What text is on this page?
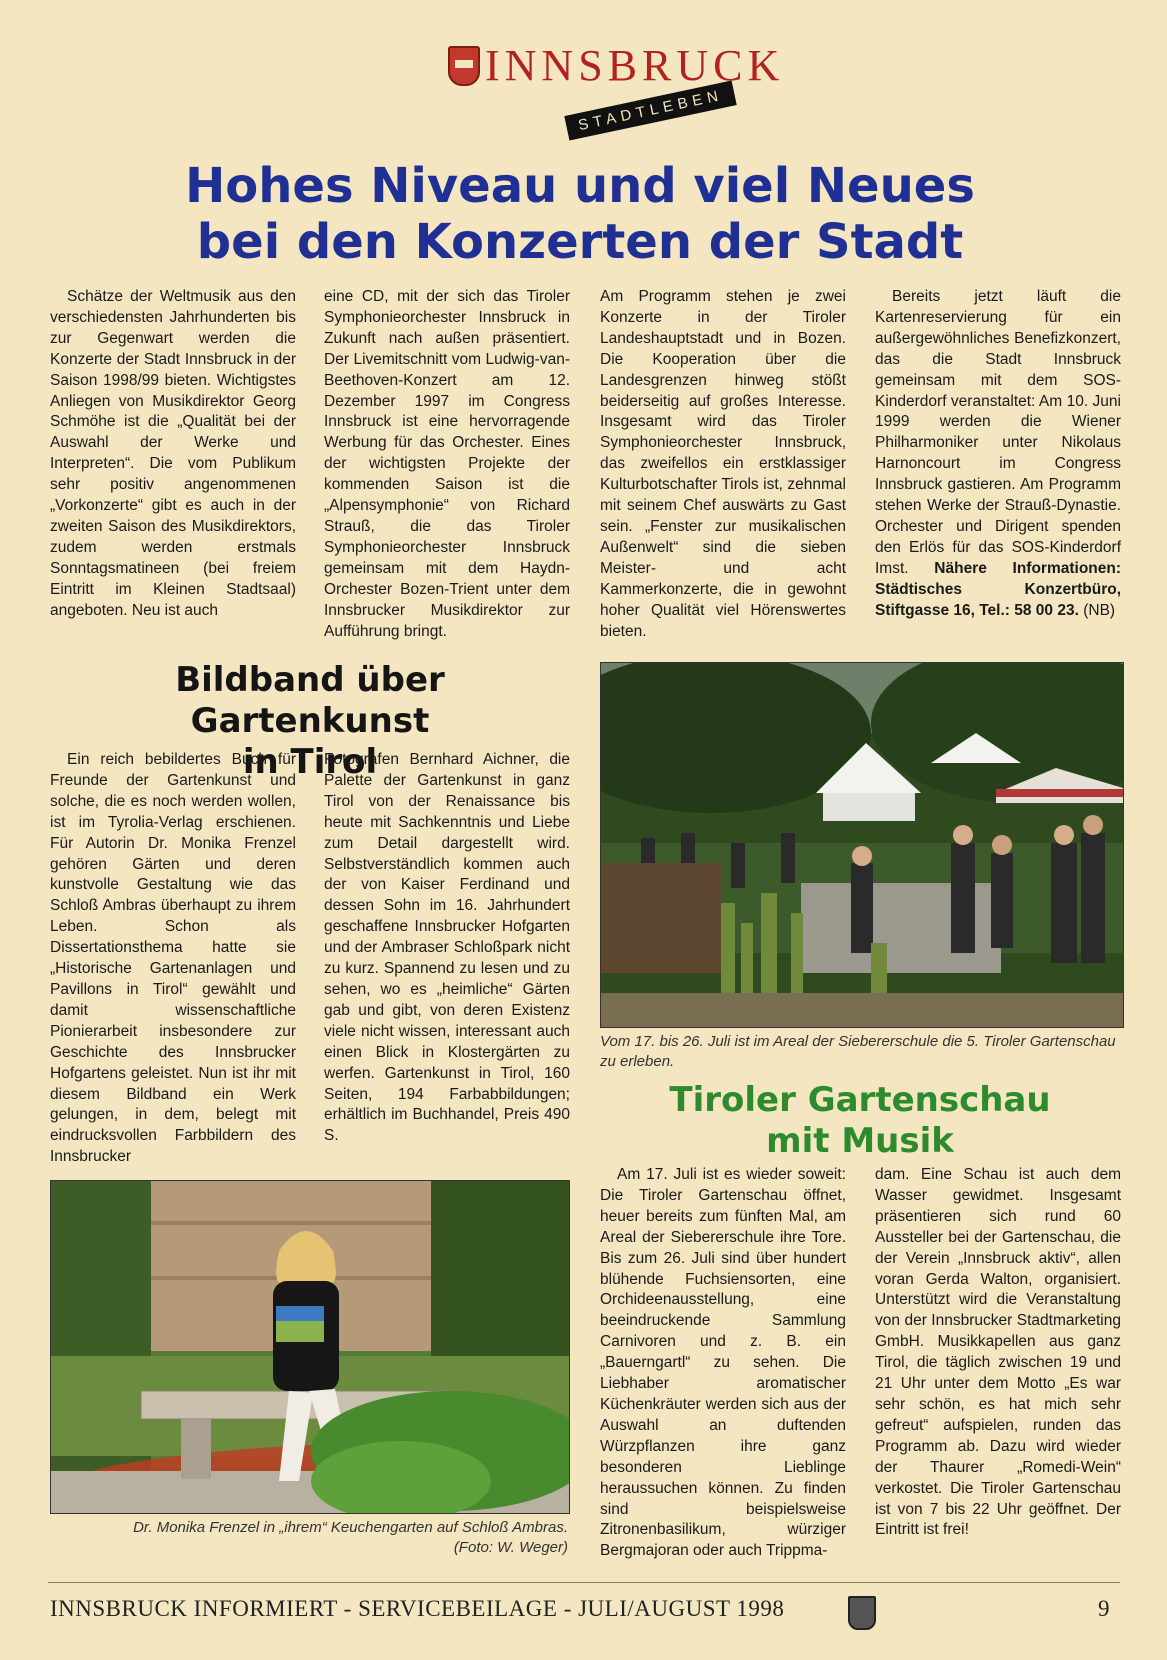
INNSBRUCK
STADTLEBEN
Hohes Niveau und viel Neues
bei den Konzerten der Stadt

Schätze der Weltmusik aus den verschiedensten Jahrhunderten bis zur Gegenwart werden die Konzerte der Stadt Innsbruck in der Saison 1998/99 bieten. Wichtigstes Anliegen von Musikdirektor Georg Schmöhe ist die „Qualität bei der Auswahl der Werke und Interpreten“. Die vom Publikum sehr positiv angenommenen „Vorkonzerte“ gibt es auch in der zweiten Saison des Musikdirektors, zudem werden erstmals Sonntagsmatineen (bei freiem Eintritt im Kleinen Stadtsaal) angeboten. Neu ist auch

eine CD, mit der sich das Tiroler Symphonieorchester Innsbruck in Zukunft nach außen präsentiert. Der Livemitschnitt vom Ludwig-van-Beethoven-Konzert am 12. Dezember 1997 im Congress Innsbruck ist eine hervorragende Werbung für das Orchester. Eines der wichtigsten Projekte der kommenden Saison ist die „Alpensymphonie“ von Richard Strauß, die das Tiroler Symphonieorchester Innsbruck gemeinsam mit dem Haydn-Orchester Bozen-Trient unter dem Innsbrucker Musikdirektor zur Aufführung bringt.

Am Programm stehen je zwei Konzerte in der Tiroler Landeshauptstadt und in Bozen. Die Kooperation über die Landesgrenzen hinweg stößt beiderseitig auf großes Interesse. Insgesamt wird das Tiroler Symphonieorchester Innsbruck, das zweifellos ein erstklassiger Kulturbotschafter Tirols ist, zehnmal mit seinem Chef auswärts zu Gast sein. „Fenster zur musikalischen Außenwelt“ sind die sieben Meister- und acht Kammerkonzerte, die in gewohnt hoher Qualität viel Hörenswertes bieten.

Bereits jetzt läuft die Kartenreservierung für ein außergewöhnliches Benefizkonzert, das die Stadt Innsbruck gemeinsam mit dem SOS-Kinderdorf veranstaltet: Am 10. Juni 1999 werden die Wiener Philharmoniker unter Nikolaus Harnoncourt im Congress Innsbruck gastieren. Am Programm stehen Werke der Strauß-Dynastie. Orchester und Dirigent spenden den Erlös für das SOS-Kinderdorf Imst. Nähere Informationen: Städtisches Konzertbüro, Stiftgasse 16, Tel.: 58 00 23. (NB)

Bildband über Gartenkunst
in Tirol

Ein reich bebildertes Buch für Freunde der Gartenkunst und solche, die es noch werden wollen, ist im Tyrolia-Verlag erschienen. Für Autorin Dr. Monika Frenzel gehören Gärten und deren kunstvolle Gestaltung wie das Schloß Ambras überhaupt zu ihrem Leben. Schon als Dissertationsthema hatte sie „Historische Gartenanlagen und Pavillons in Tirol“ gewählt und damit wissenschaftliche Pionierarbeit insbesondere zur Geschichte des Innsbrucker Hofgartens geleistet. Nun ist ihr mit diesem Bildband ein Werk gelungen, in dem, belegt mit eindrucksvollen Farbbildern des Innsbrucker

Fotografen Bernhard Aichner, die Palette der Gartenkunst in ganz Tirol von der Renaissance bis heute mit Sachkenntnis und Liebe zum Detail dargestellt wird. Selbstverständlich kommen auch der von Kaiser Ferdinand und dessen Sohn im 16. Jahrhundert geschaffene Innsbrucker Hofgarten und der Ambraser Schloßpark nicht zu kurz. Spannend zu lesen und zu sehen, wo es „heimliche“ Gärten gab und gibt, von deren Existenz viele nicht wissen, interessant auch einen Blick in Klostergärten zu werfen. Gartenkunst in Tirol, 160 Seiten, 194 Farbabbildungen; erhältlich im Buchhandel, Preis 490 S.

Dr. Monika Frenzel in „ihrem“ Keuchengarten auf Schloß Ambras.
(Foto: W. Weger)

Vom 17. bis 26. Juli ist im Areal der Siebererschule die 5. Tiroler Gartenschau zu erleben.

Tiroler Gartenschau
mit Musik

Am 17. Juli ist es wieder soweit: Die Tiroler Gartenschau öffnet, heuer bereits zum fünften Mal, am Areal der Siebererschule ihre Tore. Bis zum 26. Juli sind über hundert blühende Fuchsiensorten, eine Orchideenausstellung, eine beeindruckende Sammlung Carnivoren und z. B. ein „Bauerngartl“ zu sehen. Die Liebhaber aromatischer Küchenkräuter werden sich aus der Auswahl an duftenden Würzpflanzen ihre ganz besonderen Lieblinge heraussuchen können. Zu finden sind beispielsweise Zitronenbasilikum, würziger Bergmajoran oder auch Trippma-

dam. Eine Schau ist auch dem Wasser gewidmet. Insgesamt präsentieren sich rund 60 Aussteller bei der Gartenschau, die der Verein „Innsbruck aktiv“, allen voran Gerda Walton, organisiert. Unterstützt wird die Veranstaltung von der Innsbrucker Stadtmarketing GmbH. Musikkapellen aus ganz Tirol, die täglich zwischen 19 und 21 Uhr unter dem Motto „Es war sehr schön, es hat mich sehr gefreut“ aufspielen, runden das Programm ab. Dazu wird wieder der Thaurer „Romedi-Wein“ verkostet. Die Tiroler Gartenschau ist von 7 bis 22 Uhr geöffnet. Der Eintritt ist frei!

INNSBRUCK INFORMIERT - SERVICEBEILAGE - JULI/AUGUST 1998	9
